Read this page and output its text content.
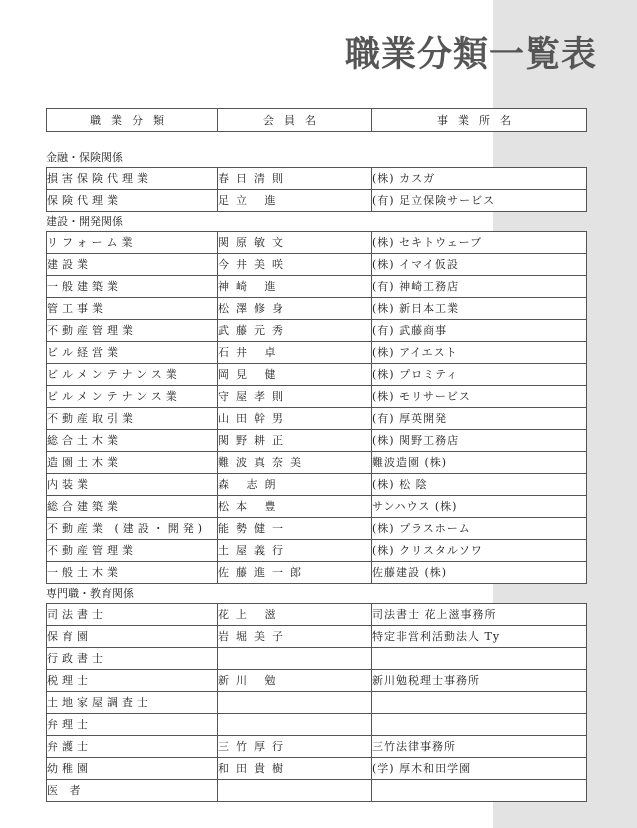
職業分類一覧表
職業分類	会員名	事業所名
金融・保険関係
損害保険代理業	春日清則	(株) カスガ
保険代理業	足立 進	(有) 足立保険サービス
建設・開発関係
リフォーム業	関原敏文	(株) セキトウェーブ
建設業	今井美咲	(株) イマイ仮設
一般建築業	神崎 進	(有) 神崎工務店
管工事業	松澤修身	(株) 新日本工業
不動産管理業	武藤元秀	(有) 武藤商事
ビル経営業	石井 卓	(株) アイエスト
ビルメンテナンス業	岡見 健	(株) プロミティ
ビルメンテナンス業	守屋孝則	(株) モリサービス
不動産取引業	山田幹男	(有) 厚英開発
総合土木業	関野耕正	(株) 関野工務店
造園土木業	難波真奈美	難波造園 (株)
内装業	森 志朗	(株) 松 陰
総合建築業	松本 豊	サンハウス (株)
不動産業 (建設・開発)	能勢健一	(株) プラスホーム
不動産管理業	土屋義行	(株) クリスタルソワ
一般土木業	佐藤進一郎	佐藤建設 (株)
専門職・教育関係
司法書士	花上 滋	司法書士 花上滋事務所
保育園	岩堀美子	特定非営利活動法人 Ty
行政書士		
税理士	新川 勉	新川勉税理士事務所
土地家屋調査士		
弁理士		
弁護士	三竹厚行	三竹法律事務所
幼稚園	和田貴樹	(学) 厚木和田学園
医 者		
